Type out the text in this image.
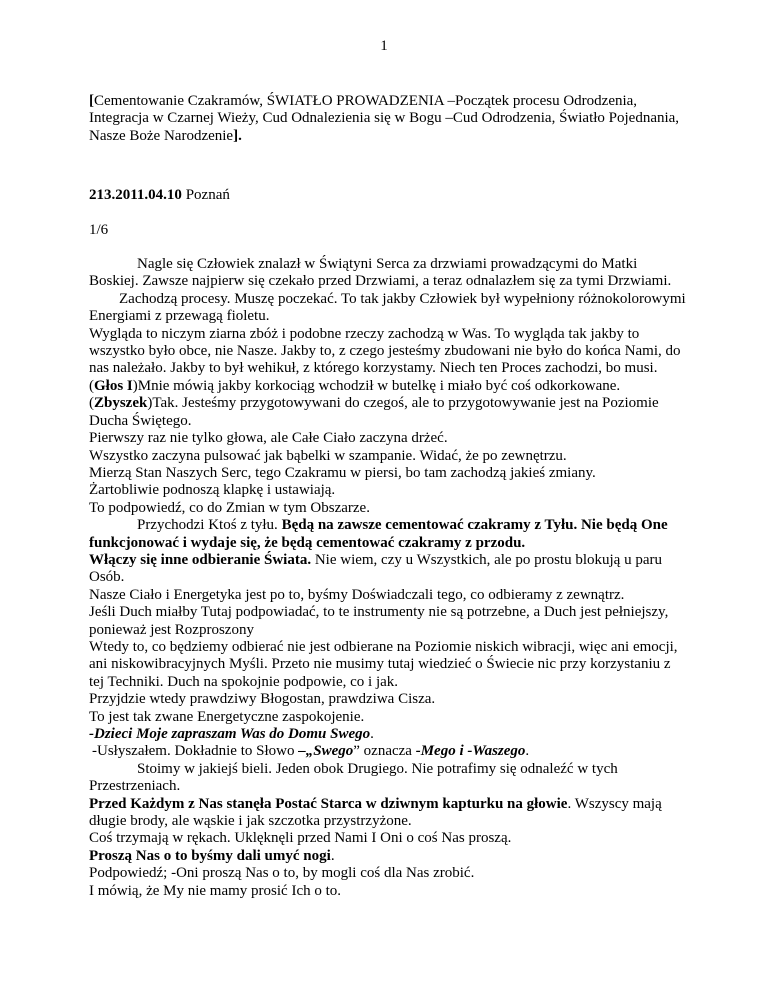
1

[Cementowanie Czakramów, ŚWIATŁO PROWADZENIA –Początek procesu Odrodzenia, Integracja w Czarnej Wieży, Cud Odnalezienia się w Bogu –Cud Odrodzenia, Światło Pojednania, Nasze Boże Narodzenie].

213.2011.04.10 Poznań

1/6

Nagle się Człowiek znalazł w Świątyni Serca za drzwiami prowadzącymi do Matki Boskiej. Zawsze najpierw się czekało przed Drzwiami, a teraz odnalazłem się za tymi Drzwiami.

Zachodzą procesy. Muszę poczekać. To tak jakby Człowiek był wypełniony różnokolorowymi Energiami z przewagą fioletu.

Wygląda to niczym ziarna zbóż i podobne rzeczy zachodzą w Was. To wygląda tak jakby to wszystko było obce, nie Nasze. Jakby to, z czego jesteśmy zbudowani nie było do końca Nami, do nas należało. Jakby to był wehikuł, z którego korzystamy. Niech ten Proces zachodzi, bo musi.

(Głos I)Mnie mówią jakby korkociąg wchodził w butelkę i miało być coś odkorkowane.

(Zbyszek)Tak. Jesteśmy przygotowywani do czegoś, ale to przygotowywanie jest na Poziomie Ducha Świętego.

Pierwszy raz nie tylko głowa, ale Całe Ciało zaczyna drżeć.

Wszystko zaczyna pulsować jak bąbelki w szampanie. Widać, że po zewnętrzu.

Mierzą Stan Naszych Serc, tego Czakramu w piersi, bo tam zachodzą jakieś zmiany.

Żartobliwie podnoszą klapkę i ustawiają.

To podpowiedź, co do Zmian w tym Obszarze.

Przychodzi Ktoś z tyłu. Będą na zawsze cementować czakramy z Tyłu. Nie będą One funkcjonować i wydaje się, że będą cementować czakramy z przodu.

Włączy się inne odbieranie Świata. Nie wiem, czy u Wszystkich, ale po prostu blokują u paru Osób.

Nasze Ciało i Energetyka jest po to, byśmy Doświadczali tego, co odbieramy z zewnątrz.

Jeśli Duch miałby Tutaj podpowiadać, to te instrumenty nie są potrzebne, a Duch jest pełniejszy, ponieważ jest Rozproszony

Wtedy to, co będziemy odbierać nie jest odbierane na Poziomie niskich wibracji, więc ani emocji, ani niskowibracyjnych Myśli. Przeto nie musimy tutaj wiedzieć o Świecie nic przy korzystaniu z tej Techniki. Duch na spokojnie podpowie, co i jak.

Przyjdzie wtedy prawdziwy Błogostan, prawdziwa Cisza.

To jest tak zwane Energetyczne zaspokojenie.

-Dzieci Moje zapraszam Was do Domu Swego.

-Usłyszałem. Dokładnie to Słowo –„Swego” oznacza -Mego i -Waszego.

Stoimy w jakiejś bieli. Jeden obok Drugiego. Nie potrafimy się odnaleźć w tych Przestrzeniach.

Przed Każdym z Nas stanęła Postać Starca w dziwnym kapturku na głowie. Wszyscy mają długie brody, ale wąskie i jak szczotka przystrzyżone.

Coś trzymają w rękach. Uklęknęli przed Nami I Oni o coś Nas proszą.

Proszą Nas o to byśmy dali umyć nogi.

Podpowiedź; -Oni proszą Nas o to, by mogli coś dla Nas zrobić.

I mówią, że My nie mamy prosić Ich o to.
